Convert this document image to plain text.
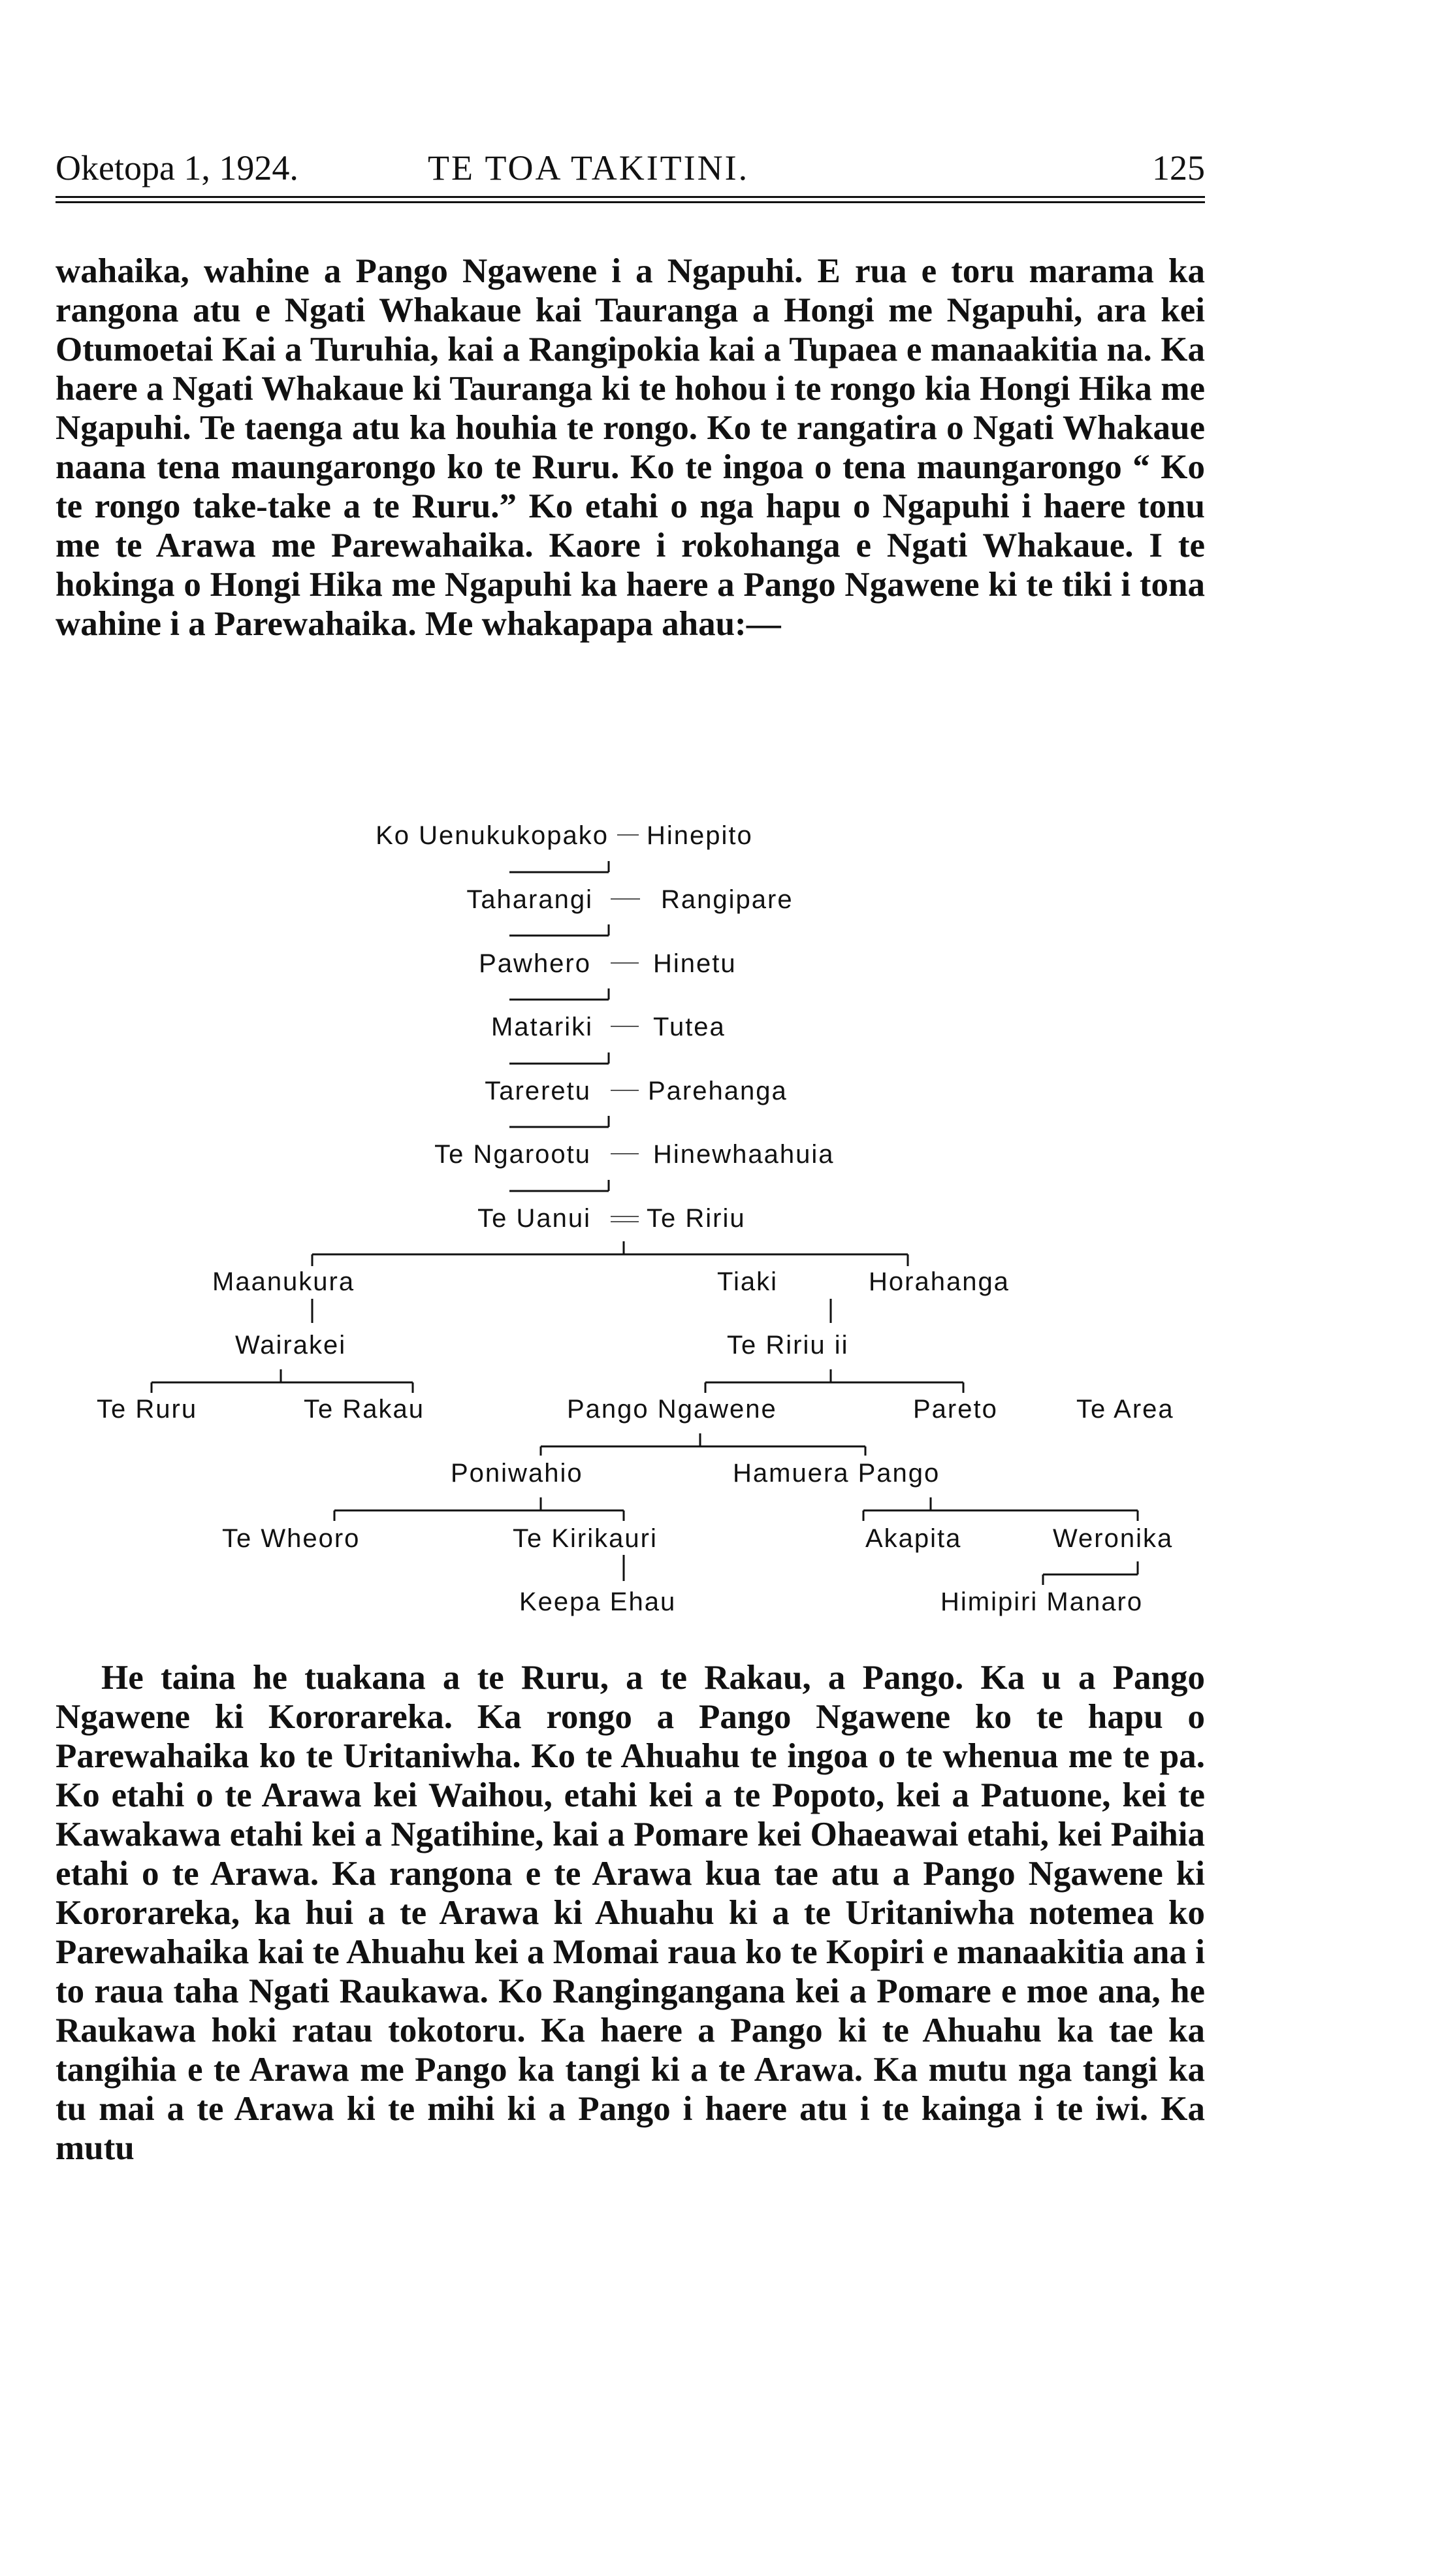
Oketopa 1, 1924.	TE TOA TAKITINI.	125

wahaika, wahine a Pango Ngawene i a Ngapuhi. E rua e toru marama ka rangona atu e Ngati Whakaue kai Tauranga a Hongi me Ngapuhi, ara kei Otumoetai Kai a Turuhia, kai a Rangipokia kai a Tupaea e manaakitia na. Ka haere a Ngati Whakaue ki Tauranga ki te hohou i te rongo kia Hongi Hika me Ngapuhi. Te taenga atu ka houhia te rongo. Ko te rangatira o Ngati Whakaue naana tena maungarongo ko te Ruru. Ko te ingoa o tena maungarongo “ Ko te rongo take-take a te Ruru.” Ko etahi o nga hapu o Ngapuhi i haere tonu me te Arawa me Parewahaika. Kaore i rokohanga e Ngati Whakaue. I te hokinga o Hongi Hika me Ngapuhi ka haere a Pango Ngawene ki te tiki i tona wahine i a Parewahaika. Me whakapapa ahau:—

Ko Uenukukopako Hinepito
Taharangi	Rangipare
Pawhero Hinetu
Matariki Tutea
Tareretu Parehanga
Te Ngarootu Hinewhaahuia
Te Uanui Te Ririu
Maanukura	Tiaki	Horahanga
Wairakei	Te Ririu ii
Te Ruru	Te Rakau	Pango Ngawene	Pareto	Te Area
Poniwahio	Hamuera Pango
Te Wheoro	Te Kirikauri	Akapita	Weronika
Keepa Ehau	Himipiri Manaro

He taina he tuakana a te Ruru, a te Rakau, a Pango. Ka u a Pango Ngawene ki Kororareka. Ka rongo a Pango Ngawene ko te hapu o Parewahaika ko te Uritaniwha. Ko te Ahuahu te ingoa o te whenua me te pa. Ko etahi o te Arawa kei Waihou, etahi kei a te Popoto, kei a Patuone, kei te Kawakawa etahi kei a Ngatihine, kai a Pomare kei Ohaeawai etahi, kei Paihia etahi o te Arawa. Ka rangona e te Arawa kua tae atu a Pango Ngawene ki Kororareka, ka hui a te Arawa ki Ahuahu ki a te Uritaniwha notemea ko Parewahaika kai te Ahuahu kei a Momai raua ko te Kopiri e manaakitia ana i to raua taha Ngati Raukawa. Ko Rangingangana kei a Pomare e moe ana, he Raukawa hoki ratau tokotoru. Ka haere a Pango ki te Ahuahu ka tae ka tangihia e te Arawa me Pango ka tangi ki a te Arawa. Ka mutu nga tangi ka tu mai a te Arawa ki te mihi ki a Pango i haere atu i te kainga i te iwi. Ka mutu
